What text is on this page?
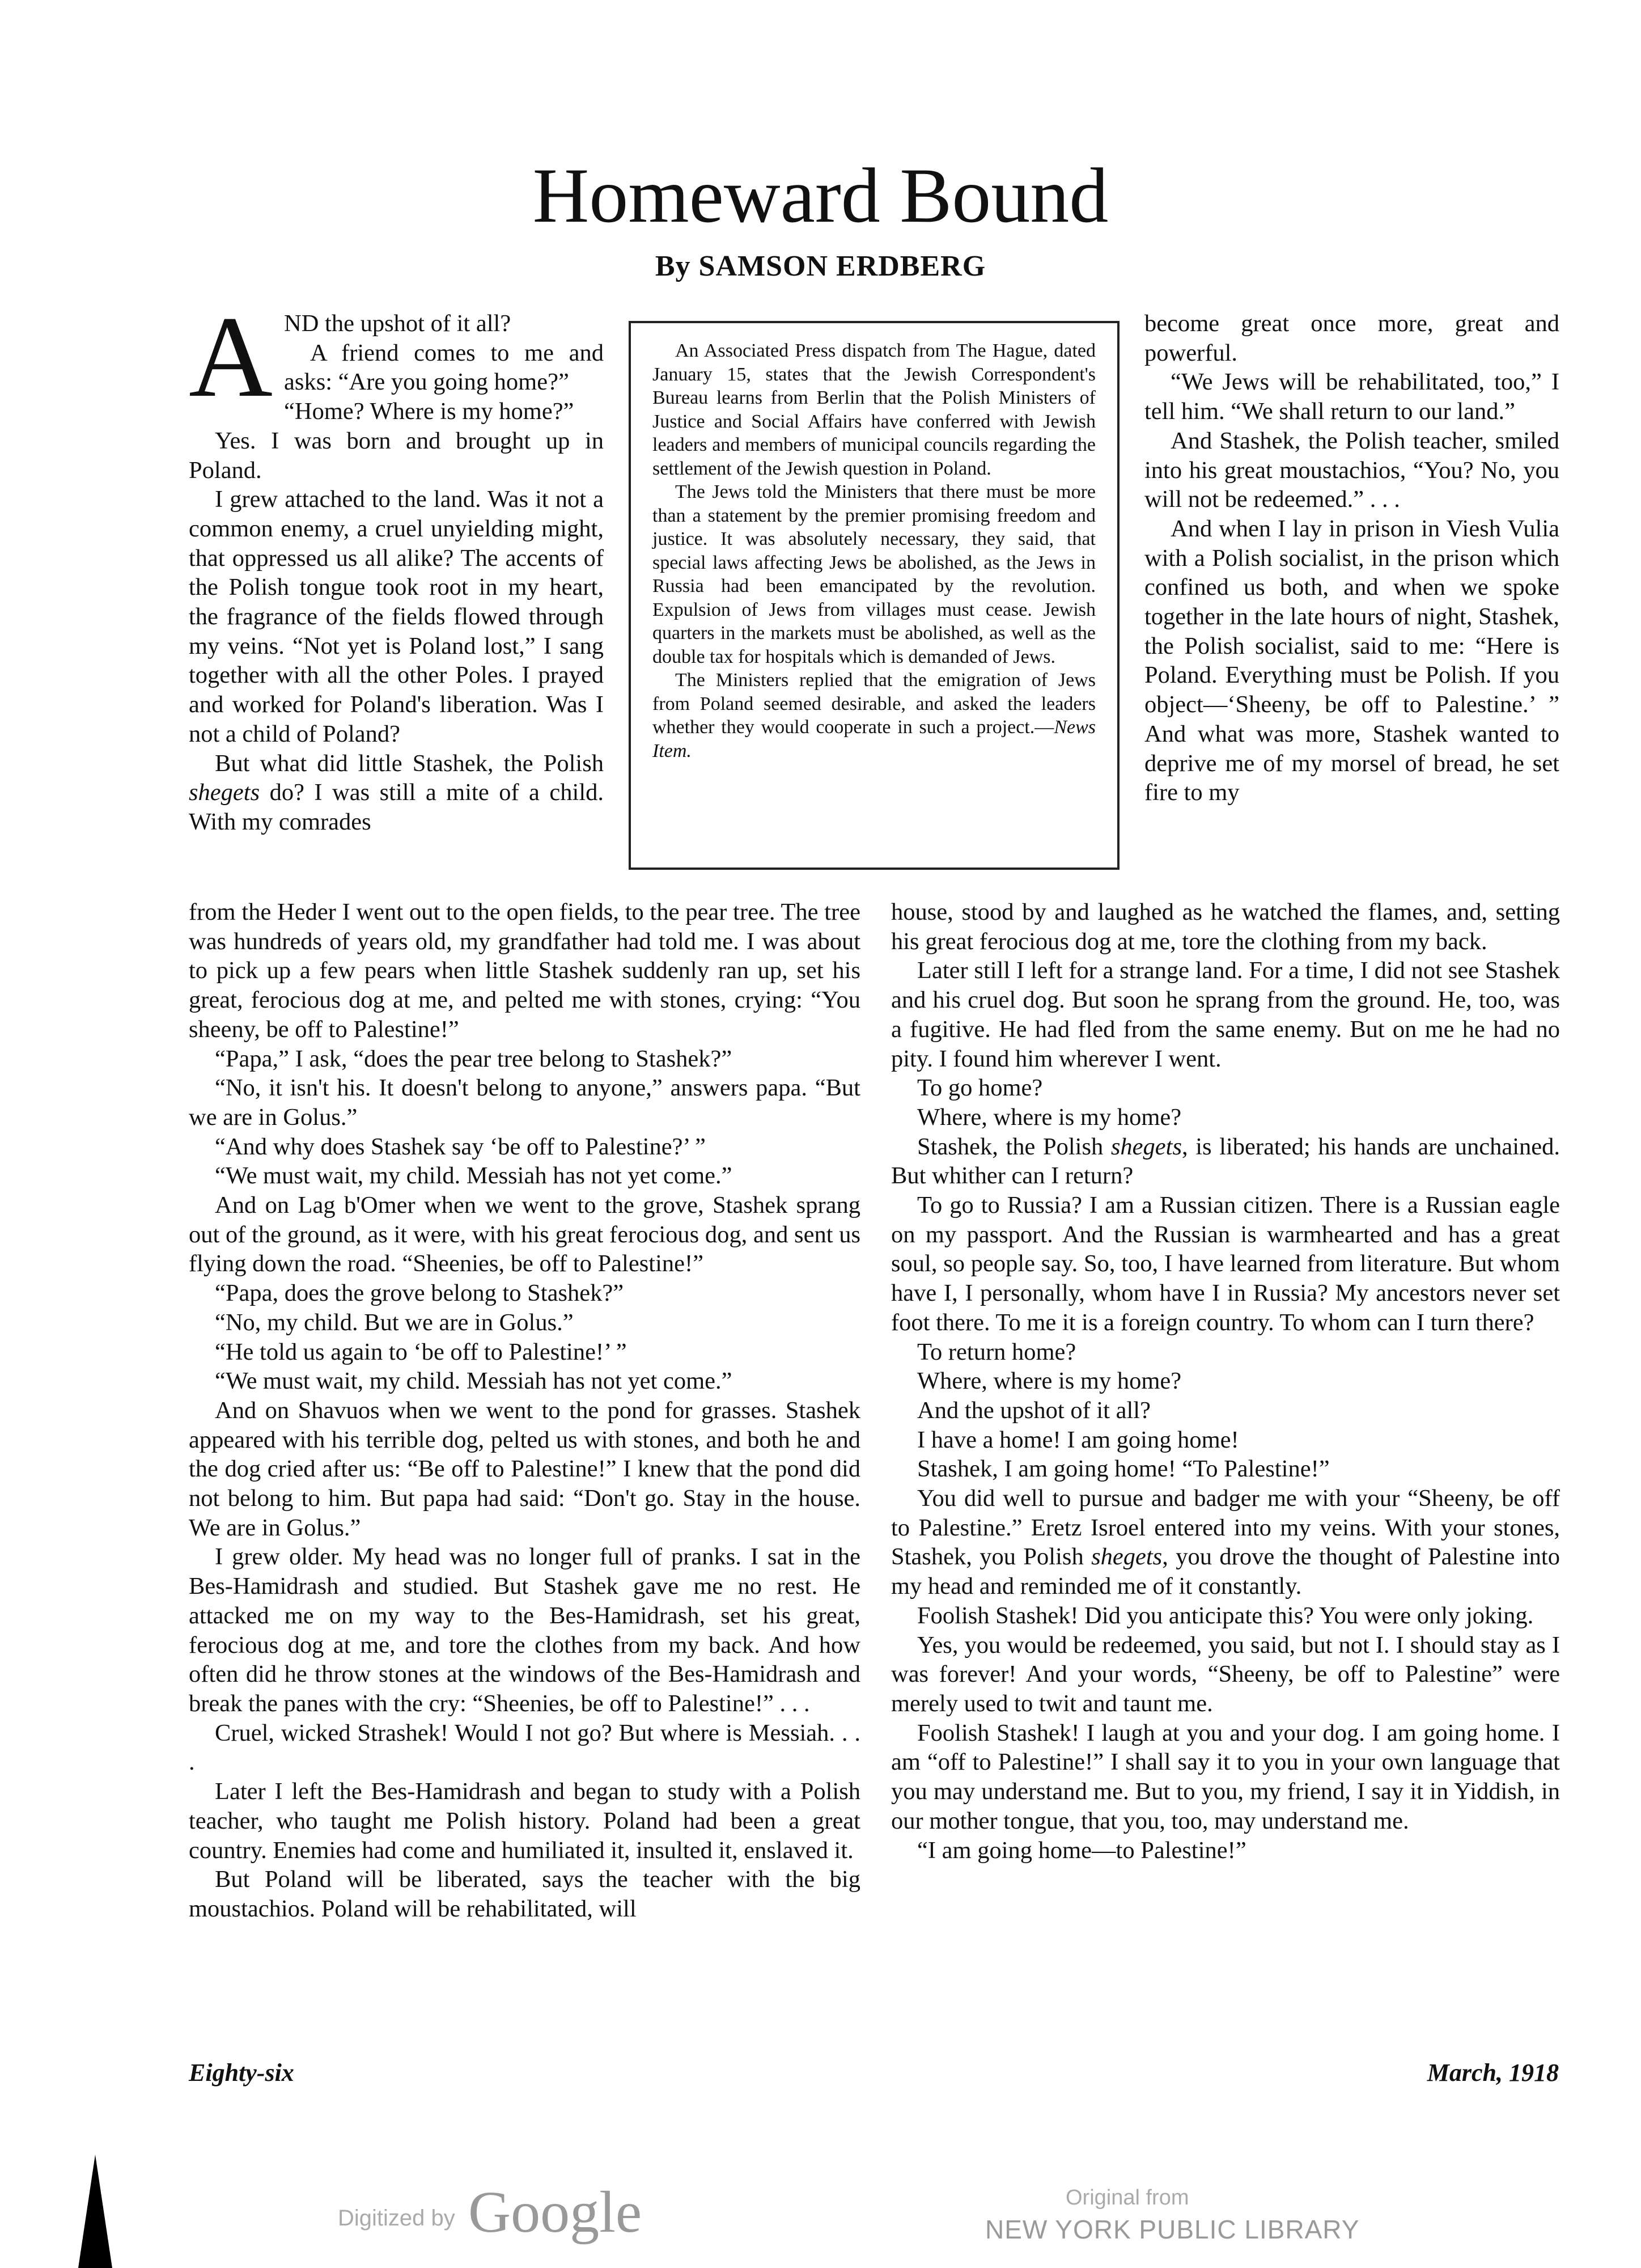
Homeward Bound
By SAMSON ERDBERG

AND the upshot of it all?

A friend comes to me and asks: “Are you going home?”

“Home? Where is my home?”

Yes. I was born and brought up in Poland.

I grew attached to the land. Was it not a common enemy, a cruel unyielding might, that oppressed us all alike? The accents of the Polish tongue took root in my heart, the fragrance of the fields flowed through my veins. “Not yet is Poland lost,” I sang together with all the other Poles. I prayed and worked for Poland's liberation. Was I not a child of Poland?

But what did little Stashek, the Polish shegets do? I was still a mite of a child. With my comrades

An Associated Press dispatch from The Hague, dated January 15, states that the Jewish Correspondent's Bureau learns from Berlin that the Polish Ministers of Justice and Social Affairs have conferred with Jewish leaders and members of municipal councils regarding the settlement of the Jewish question in Poland.

The Jews told the Ministers that there must be more than a statement by the premier promising freedom and justice. It was absolutely necessary, they said, that special laws affecting Jews be abolished, as the Jews in Russia had been emancipated by the revolution. Expulsion of Jews from villages must cease. Jewish quarters in the markets must be abolished, as well as the double tax for hospitals which is demanded of Jews.

The Ministers replied that the emigration of Jews from Poland seemed desirable, and asked the leaders whether they would cooperate in such a project.—News Item.

become great once more, great and powerful.

“We Jews will be rehabilitated, too,” I tell him. “We shall return to our land.”

And Stashek, the Polish teacher, smiled into his great moustachios, “You? No, you will not be redeemed.” . . .

And when I lay in prison in Viesh Vulia with a Polish socialist, in the prison which confined us both, and when we spoke together in the late hours of night, Stashek, the Polish socialist, said to me: “Here is Poland. Everything must be Polish. If you object—‘Sheeny, be off to Palestine.’ ” And what was more, Stashek wanted to deprive me of my morsel of bread, he set fire to my

from the Heder I went out to the open fields, to the pear tree. The tree was hundreds of years old, my grandfather had told me. I was about to pick up a few pears when little Stashek suddenly ran up, set his great, ferocious dog at me, and pelted me with stones, crying: “You sheeny, be off to Palestine!”

“Papa,” I ask, “does the pear tree belong to Stashek?”

“No, it isn't his. It doesn't belong to anyone,” answers papa. “But we are in Golus.”

“And why does Stashek say ‘be off to Palestine?’ ”

“We must wait, my child. Messiah has not yet come.”

And on Lag b'Omer when we went to the grove, Stashek sprang out of the ground, as it were, with his great ferocious dog, and sent us flying down the road. “Sheenies, be off to Palestine!”

“Papa, does the grove belong to Stashek?”

“No, my child. But we are in Golus.”

“He told us again to ‘be off to Palestine!’ ”

“We must wait, my child. Messiah has not yet come.”

And on Shavuos when we went to the pond for grasses. Stashek appeared with his terrible dog, pelted us with stones, and both he and the dog cried after us: “Be off to Palestine!” I knew that the pond did not belong to him. But papa had said: “Don't go. Stay in the house. We are in Golus.”

I grew older. My head was no longer full of pranks. I sat in the Bes-Hamidrash and studied. But Stashek gave me no rest. He attacked me on my way to the Bes-Hamidrash, set his great, ferocious dog at me, and tore the clothes from my back. And how often did he throw stones at the windows of the Bes-Hamidrash and break the panes with the cry: “Sheenies, be off to Palestine!” . . .

Cruel, wicked Strashek! Would I not go? But where is Messiah. . . .

Later I left the Bes-Hamidrash and began to study with a Polish teacher, who taught me Polish history. Poland had been a great country. Enemies had come and humiliated it, insulted it, enslaved it.

But Poland will be liberated, says the teacher with the big moustachios. Poland will be rehabilitated, will

house, stood by and laughed as he watched the flames, and, setting his great ferocious dog at me, tore the clothing from my back.

Later still I left for a strange land. For a time, I did not see Stashek and his cruel dog. But soon he sprang from the ground. He, too, was a fugitive. He had fled from the same enemy. But on me he had no pity. I found him wherever I went.

To go home?

Where, where is my home?

Stashek, the Polish shegets, is liberated; his hands are unchained. But whither can I return?

To go to Russia? I am a Russian citizen. There is a Russian eagle on my passport. And the Russian is warmhearted and has a great soul, so people say. So, too, I have learned from literature. But whom have I, I personally, whom have I in Russia? My ancestors never set foot there. To me it is a foreign country. To whom can I turn there?

To return home?

Where, where is my home?

And the upshot of it all?

I have a home! I am going home!

Stashek, I am going home! “To Palestine!”

You did well to pursue and badger me with your “Sheeny, be off to Palestine.” Eretz Isroel entered into my veins. With your stones, Stashek, you Polish shegets, you drove the thought of Palestine into my head and reminded me of it constantly.

Foolish Stashek! Did you anticipate this? You were only joking.

Yes, you would be redeemed, you said, but not I. I should stay as I was forever! And your words, “Sheeny, be off to Palestine” were merely used to twit and taunt me.

Foolish Stashek! I laugh at you and your dog. I am going home. I am “off to Palestine!” I shall say it to you in your own language that you may understand me. But to you, my friend, I say it in Yiddish, in our mother tongue, that you, too, may understand me.

“I am going home—to Palestine!”

Eighty-six	March, 1918
Digitized by Google	Original from
NEW YORK PUBLIC LIBRARY
